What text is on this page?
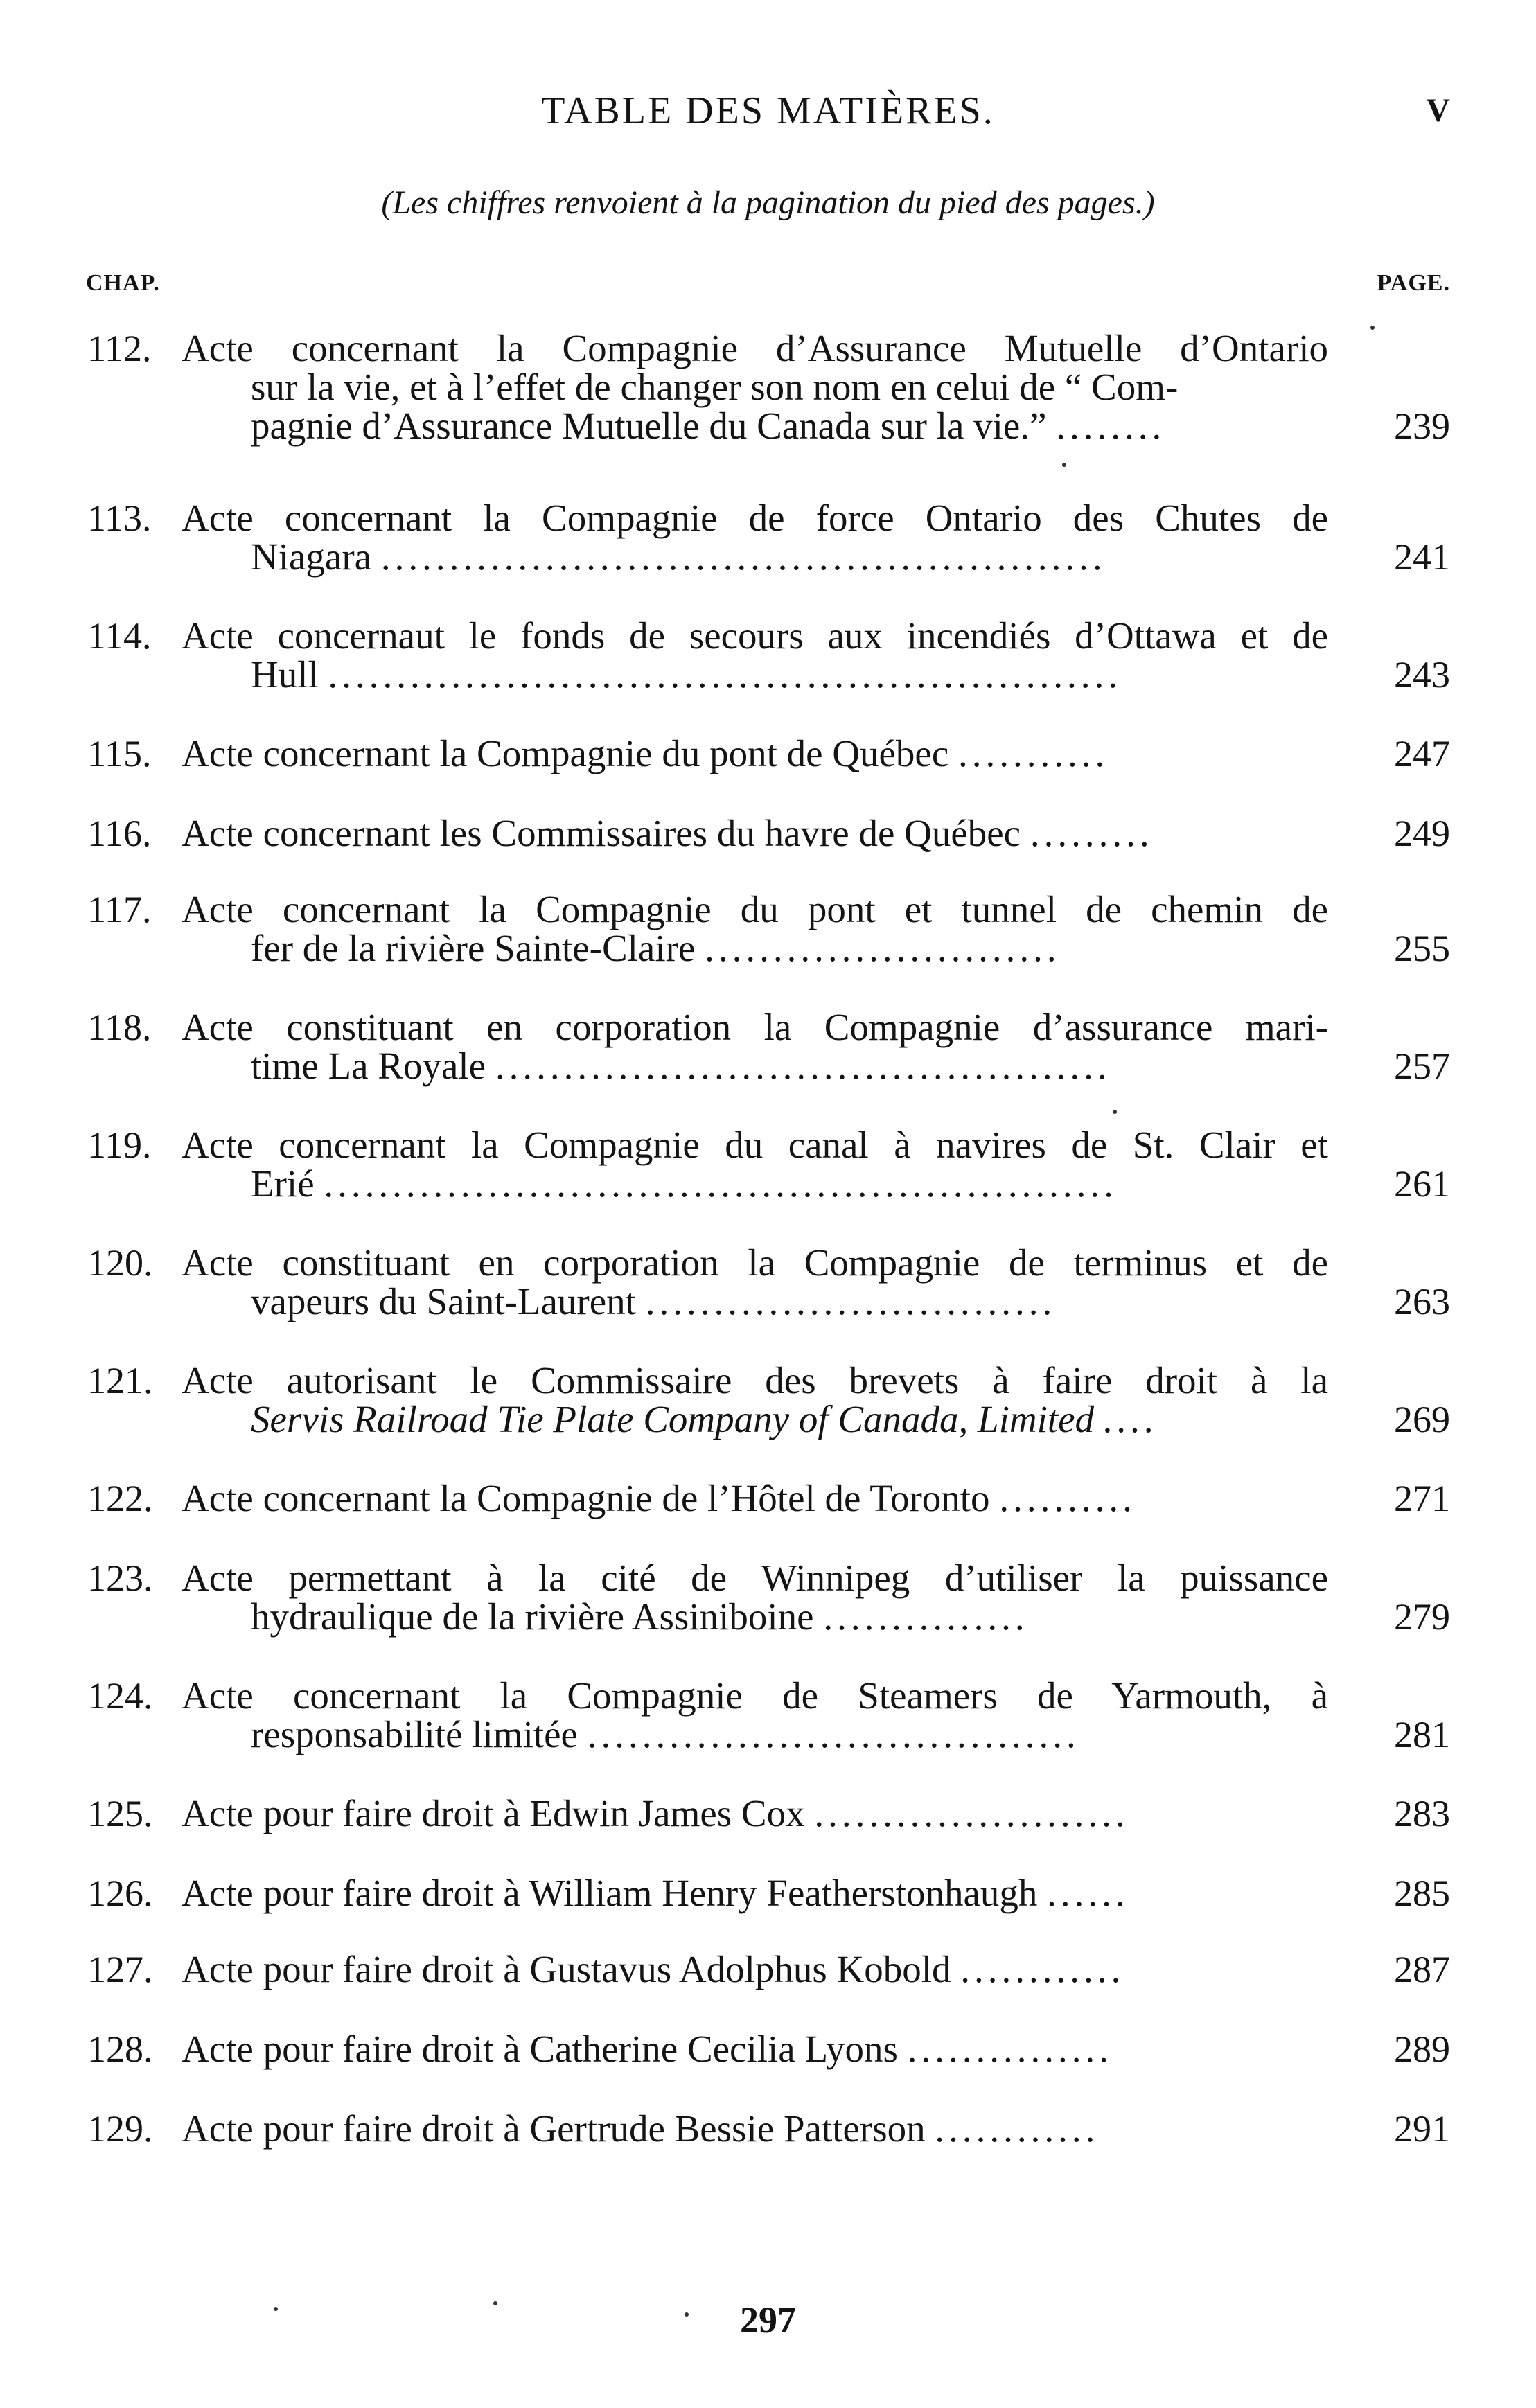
TABLE DES MATIÈRES.	V
(Les chiffres renvoient à la pagination du pied des pages.)
CHAP.	PAGE.
112. Acte concernant la Compagnie d’Assurance Mutuelle d’Ontario
sur la vie, et à l’effet de changer son nom en celui de “ Com-
pagnie d’Assurance Mutuelle du Canada sur la vie.” ........	239
113. Acte concernant la Compagnie de force Ontario des Chutes de
Niagara .....................................................	241
114. Acte concernaut le fonds de secours aux incendiés d’Ottawa et de
Hull ..........................................................	243
115. Acte concernant la Compagnie du pont de Québec ...........	247
116. Acte concernant les Commissaires du havre de Québec .........	249
117. Acte concernant la Compagnie du pont et tunnel de chemin de
fer de la rivière Sainte-Claire ..........................	255
118. Acte constituant en corporation la Compagnie d’assurance mari-
time La Royale .............................................	257
119. Acte concernant la Compagnie du canal à navires de St. Clair et
Erié ..........................................................	261
120. Acte constituant en corporation la Compagnie de terminus et de
vapeurs du Saint-Laurent ..............................	263
121. Acte autorisant le Commissaire des brevets à faire droit à la
Servis Railroad Tie Plate Company of Canada, Limited ....	269
122. Acte concernant la Compagnie de l’Hôtel de Toronto ..........	271
123. Acte permettant à la cité de Winnipeg d’utiliser la puissance
hydraulique de la rivière Assiniboine ...............	279
124. Acte concernant la Compagnie de Steamers de Yarmouth, à
responsabilité limitée ....................................	281
125. Acte pour faire droit à Edwin James Cox .......................	283
126. Acte pour faire droit à William Henry Featherstonhaugh ......	285
127. Acte pour faire droit à Gustavus Adolphus Kobold ............	287
128. Acte pour faire droit à Catherine Cecilia Lyons ...............	289
129. Acte pour faire droit à Gertrude Bessie Patterson ............	291
297
